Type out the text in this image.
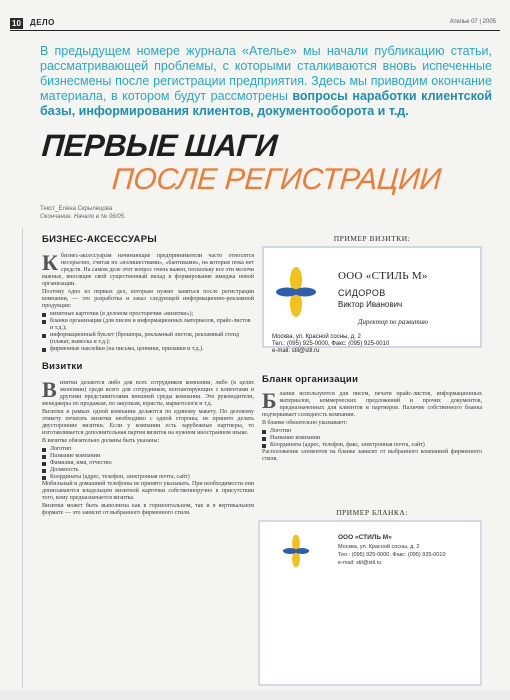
10 ДЕЛО	Ателье 07 | 2005
В предыдущем номере журнала «Ателье» мы начали публикацию статьи, рассматривающей проблемы, с которыми сталкиваются вновь испеченные бизнесмены после регистрации предприятия. Здесь мы приводим окончание материала, в котором будут рассмотрены вопросы наработки клиентской базы, информирования клиентов, документооборота и т.д.
ПЕРВЫЕ ШАГИ
ПОСЛЕ РЕГИСТРАЦИИ
Текст_Елена Скрылецова
Окончание. Начало в № 06/05.
БИЗНЕС-АКСЕССУАРЫ
Кбизнес-аксессуарам начинающие предприниматели часто относятся несерьезно, считая их «излишествами», «бантиками», на которые пока нет средств. На самом деле этот вопрос очень важен, поскольку все эти мелочи важные, вносящие свой существенный вклад в формирование имиджа новой организации.
Поэтому одно из первых дел, которым нужно заняться после регистрации компании, — это разработка и заказ следующей информационно-рекламной продукции:
визитные карточки (в деловом просторечии «визитки»);
бланки организации (для писем и информационных материалов, прайс-листов и т.д.);
информационный буклет (брошюра, рекламный листок, рекламный стенд (плакат, вывеска и т.д.);
фирменные наклейки (на письма, ценники, прилавки и т.д.).
Визитки
Визитки делаются либо для всех сотрудников компании, либо (в целях экономии) среди всего для сотрудников, контактирующих с клиентами и другими представителями внешней среды компании. Это руководители, менеджеры по продажам, по закупкам, юристы, маркетологи и т.д.
Визитки в рамках одной компании делаются по единому макету. По деловому этикету печатать визитки необходимо с одной стороны, не принято делать двусторонние визитки. Если у компании есть зарубежные партнеры, то изготавливается дополнительная партия визиток на нужном иностранном языке.
В визитке обязательно должны быть указаны:
Логотип
Название компании
Фамилия, имя, отчество
Должность
Координаты (адрес, телефон, электронная почта, сайт)
Мобильный и домашний телефоны не принято указывать. При необходимости они дописываются владельцем визитной карточки собственноручно в присутствии того, кому предназначается визитка.
Визитки может быть выполнена как в горизонтальном, так и в вертикальном формате — это зависит от выбранного фирменного стиля.
ПРИМЕР ВИЗИТКИ:
ООО «СТИЛЬ М»
СИДОРОВ
Виктор Иванович
Директор по развитию
Москва, ул. Красной сосны, д. 2
Тел.: (095) 925-0000, Факс: (095) 925-0010
e-mail: stil@stil.ru
Бланк организации
Бланки используются для писем, печати прайс-листов, информационных материалов, коммерческих предложений и прочих документов, предназначенных для клиентов и партнеров. Наличие собственного бланка подчеркивает солидность компании.
В бланке обязательно указывают:
Логотип
Название компании
Координаты (адрес, телефон, факс, электронная почта, сайт)
Расположение элементов на бланке зависит от выбранного компанией фирменного стиля.
ПРИМЕР БЛАНКА:
ООО «СТИЛЬ М»
Москва, ул. Красной сосны, д. 2
Тел.: (095) 925-0000, Факс: (095) 925-0010
e-mail: stil@stil.ru
